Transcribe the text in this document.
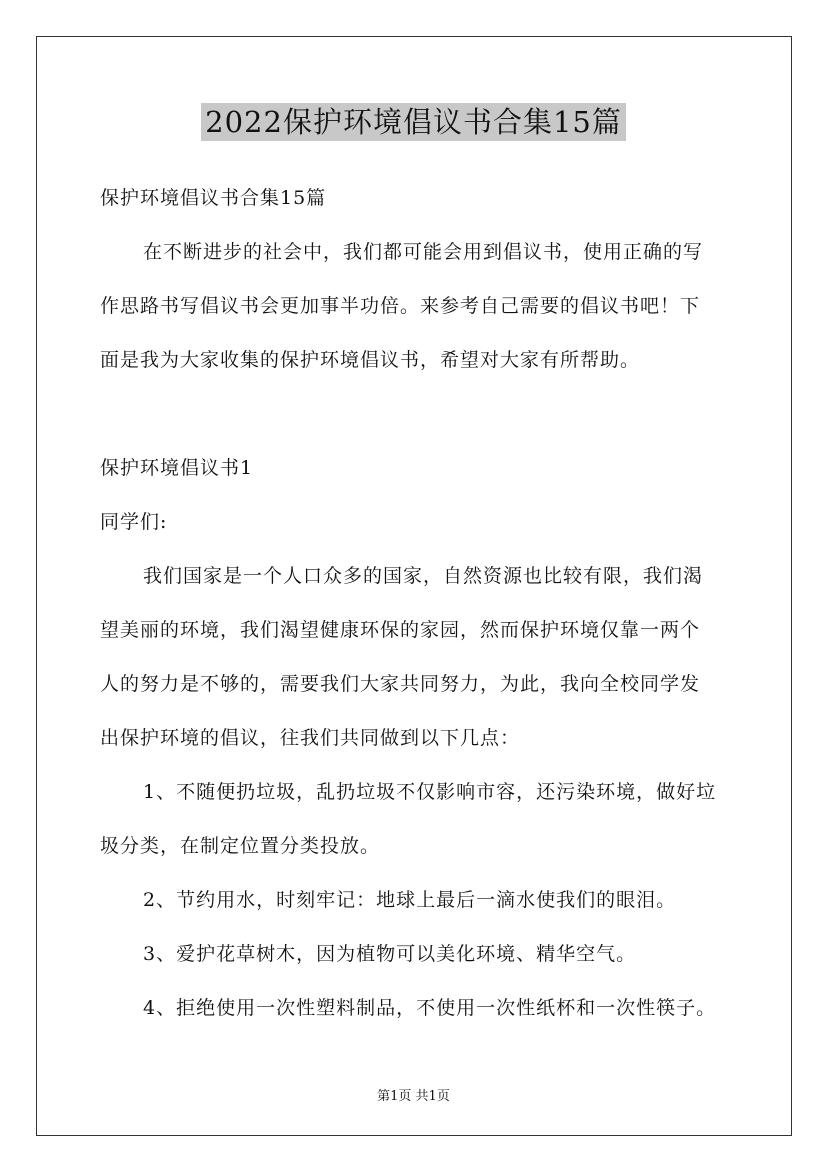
2022保护环境倡议书合集15篇
保护环境倡议书合集15篇
在不断进步的社会中，我们都可能会用到倡议书，使用正确的写
作思路书写倡议书会更加事半功倍。来参考自己需要的倡议书吧！下
面是我为大家收集的保护环境倡议书，希望对大家有所帮助。
保护环境倡议书1
同学们:
我们国家是一个人口众多的国家，自然资源也比较有限，我们渴
望美丽的环境，我们渴望健康环保的家园，然而保护环境仅靠一两个
人的努力是不够的，需要我们大家共同努力，为此，我向全校同学发
出保护环境的倡议，往我们共同做到以下几点：
1、不随便扔垃圾，乱扔垃圾不仅影响市容，还污染环境，做好垃
圾分类，在制定位置分类投放。
2、节约用水，时刻牢记：地球上最后一滴水使我们的眼泪。
3、爱护花草树木，因为植物可以美化环境、精华空气。
4、拒绝使用一次性塑料制品，不使用一次性纸杯和一次性筷子。
第1页 共1页
